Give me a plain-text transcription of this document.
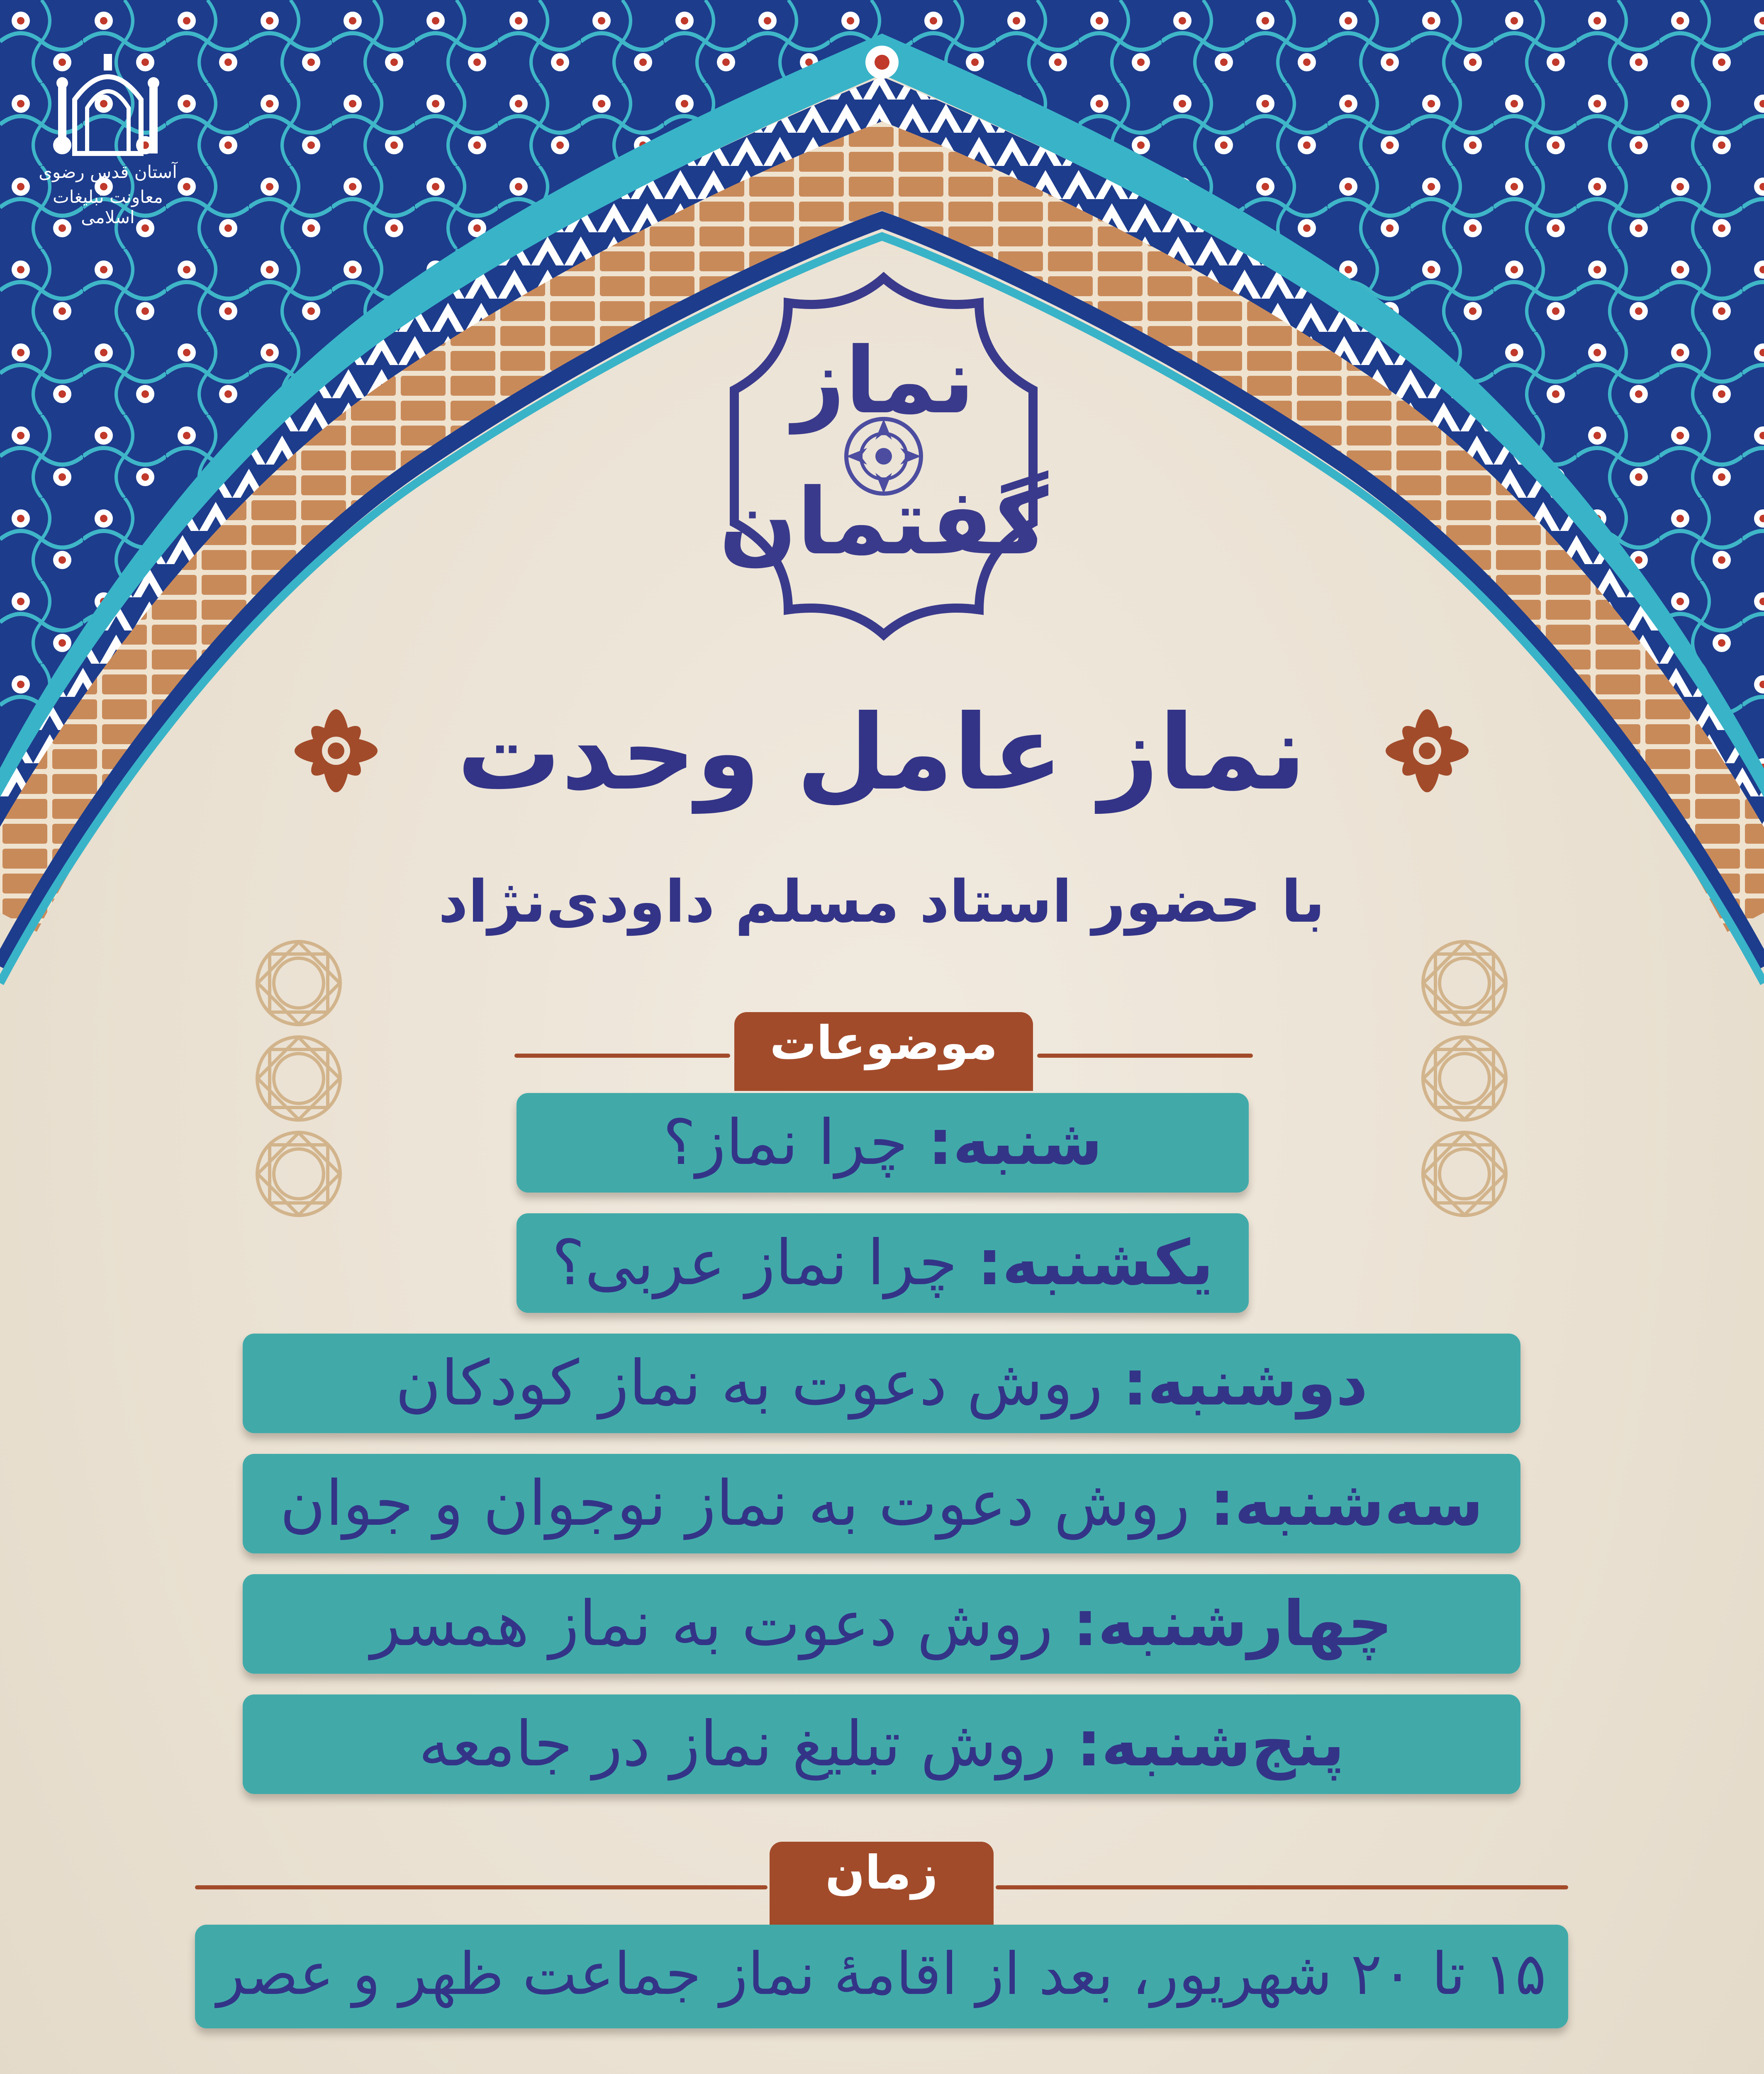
آستان قدس رضوی
معاونت تبلیغات اسلامی
نماز
گفتمان
نماز عامل وحدت
با حضور استاد مسلم داودی‌نژاد
موضوعات
شنبه: چرا نماز؟
یکشنبه: چرا نماز عربی؟
دوشنبه: روش دعوت به نماز کودکان
سه‌شنبه: روش دعوت به نماز نوجوان و جوان
چهارشنبه: روش دعوت به نماز همسر
پنج‌شنبه: روش تبلیغ نماز در جامعه
زمان
۱۵ تا ۲۰ شهریور، بعد از اقامهٔ نماز جماعت ظهر و عصر
